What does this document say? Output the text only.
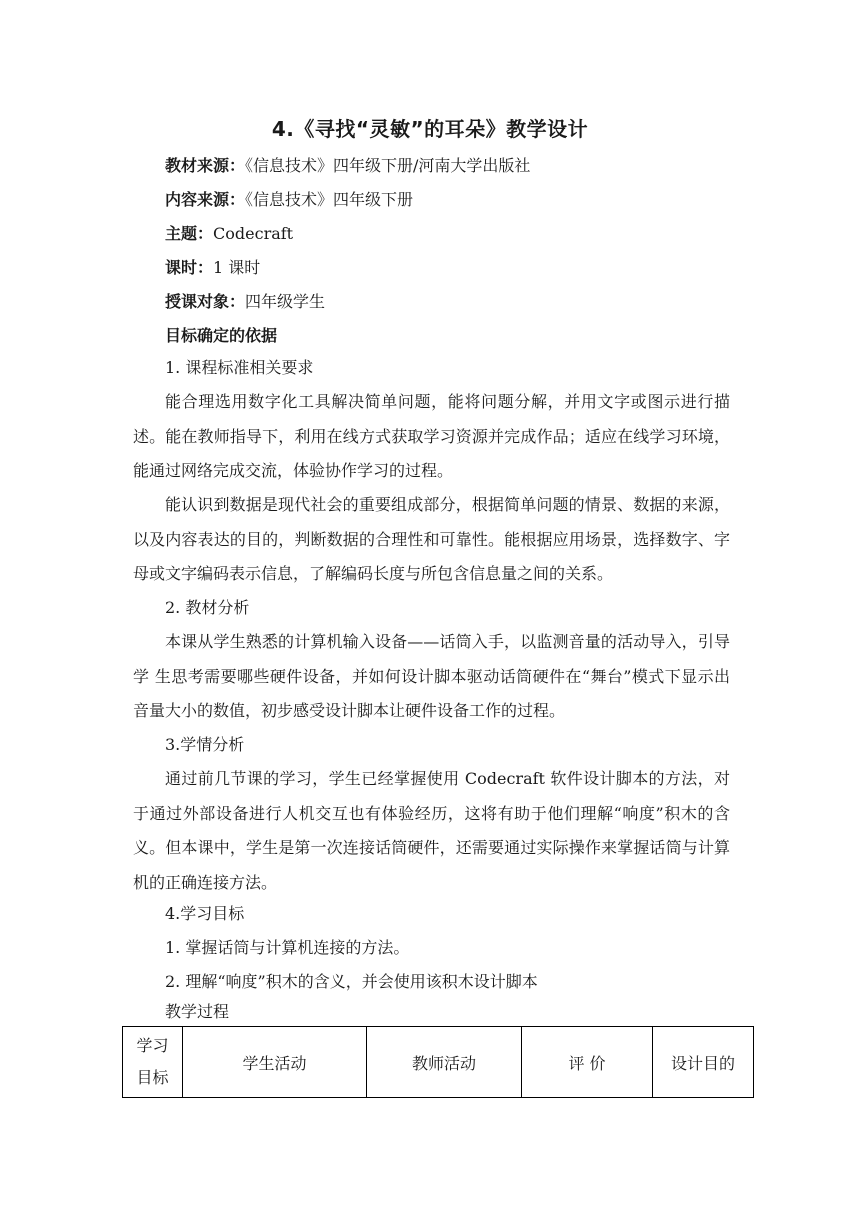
4.《寻找“灵敏”的耳朵》教学设计
教材来源：《信息技术》四年级下册/河南大学出版社
内容来源：《信息技术》四年级下册
主题：Codecraft
课时：1 课时
授课对象：四年级学生
目标确定的依据
1. 课程标准相关要求
能合理选用数字化工具解决简单问题，能将问题分解，并用文字或图示进行描述。能在教师指导下，利用在线方式获取学习资源并完成作品；适应在线学习环境，能通过网络完成交流，体验协作学习的过程。
能认识到数据是现代社会的重要组成部分，根据简单问题的情景、数据的来源，以及内容表达的目的，判断数据的合理性和可靠性。能根据应用场景，选择数字、字母或文字编码表示信息，了解编码长度与所包含信息量之间的关系。
2. 教材分析
本课从学生熟悉的计算机输入设备——话筒入手，以监测音量的活动导入，引导学 生思考需要哪些硬件设备，并如何设计脚本驱动话筒硬件在“舞台”模式下显示出音量大小的数值，初步感受设计脚本让硬件设备工作的过程。
3.学情分析
通过前几节课的学习，学生已经掌握使用 Codecraft 软件设计脚本的方法，对于通过外部设备进行人机交互也有体验经历，这将有助于他们理解“响度”积木的含义。但本课中，学生是第一次连接话筒硬件，还需要通过实际操作来掌握话筒与计算机的正确连接方法。
4.学习目标
1. 掌握话筒与计算机连接的方法。
2. 理解“响度”积木的含义，并会使用该积木设计脚本
教学过程
学习
目标
	学生活动	教师活动	评 价	设计目的
